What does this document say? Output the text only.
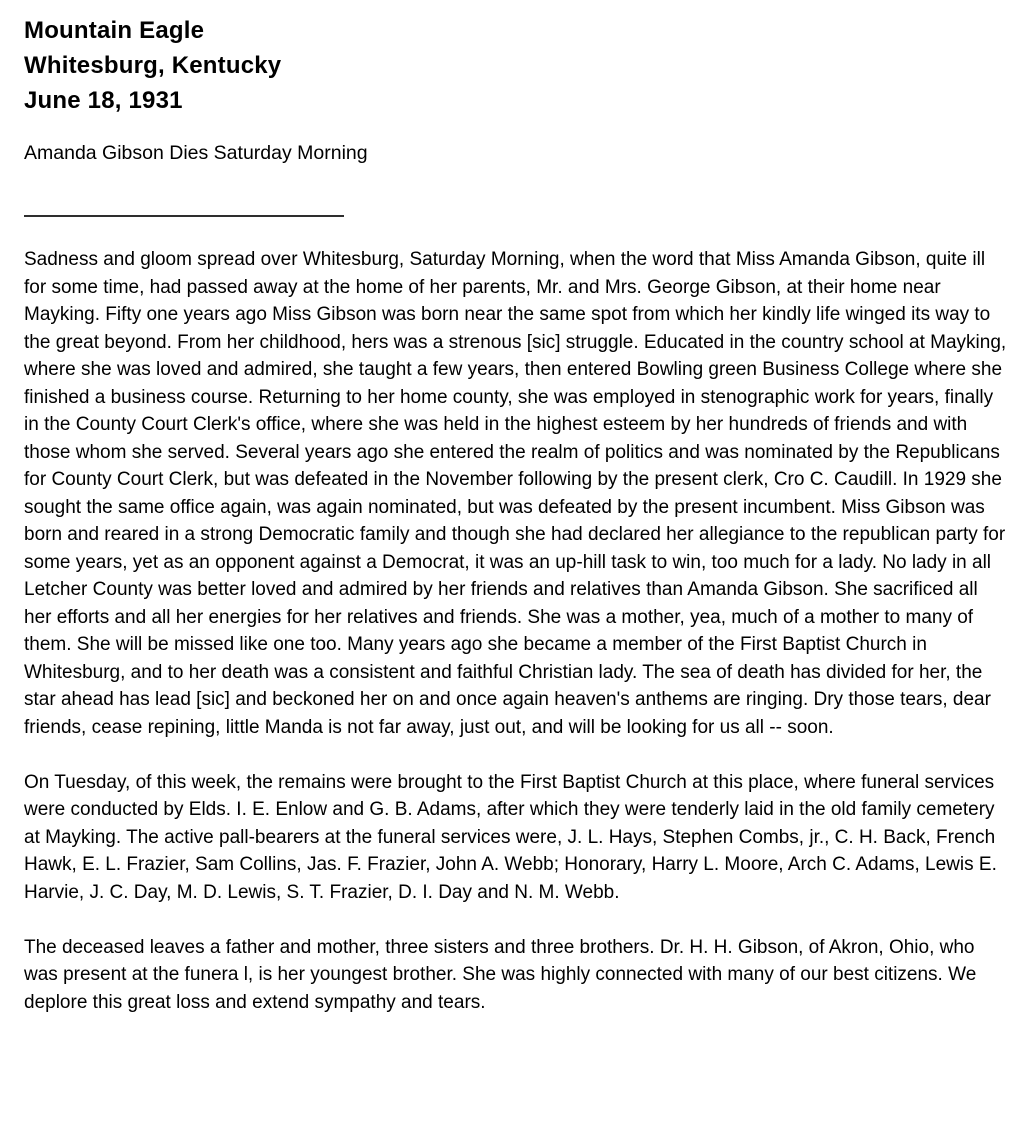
Mountain Eagle
Whitesburg, Kentucky
June 18, 1931
Amanda Gibson Dies Saturday Morning

Sadness and gloom spread over Whitesburg, Saturday Morning, when the word that Miss Amanda Gibson, quite ill for some time, had passed away at the home of her parents, Mr. and Mrs. George Gibson, at their home near Mayking. Fifty one years ago Miss Gibson was born near the same spot from which her kindly life winged its way to the great beyond. From her childhood, hers was a strenous [sic] struggle. Educated in the country school at Mayking, where she was loved and admired, she taught a few years, then entered Bowling green Business College where she finished a business course. Returning to her home county, she was employed in stenographic work for years, finally in the County Court Clerk's office, where she was held in the highest esteem by her hundreds of friends and with those whom she served. Several years ago she entered the realm of politics and was nominated by the Republicans for County Court Clerk, but was defeated in the November following by the present clerk, Cro C. Caudill. In 1929 she sought the same office again, was again nominated, but was defeated by the present incumbent. Miss Gibson was born and reared in a strong Democratic family and though she had declared her allegiance to the republican party for some years, yet as an opponent against a Democrat, it was an up-hill task to win, too much for a lady. No lady in all Letcher County was better loved and admired by her friends and relatives than Amanda Gibson. She sacrificed all her efforts and all her energies for her relatives and friends. She was a mother, yea, much of a mother to many of them. She will be missed like one too. Many years ago she became a member of the First Baptist Church in Whitesburg, and to her death was a consistent and faithful Christian lady. The sea of death has divided for her, the star ahead has lead [sic] and beckoned her on and once again heaven's anthems are ringing. Dry those tears, dear friends, cease repining, little Manda is not far away, just out, and will be looking for us all -- soon.

On Tuesday, of this week, the remains were brought to the First Baptist Church at this place, where funeral services were conducted by Elds. I. E. Enlow and G. B. Adams, after which they were tenderly laid in the old family cemetery at Mayking. The active pall-bearers at the funeral services were, J. L. Hays, Stephen Combs, jr., C. H. Back, French Hawk, E. L. Frazier, Sam Collins, Jas. F. Frazier, John A. Webb; Honorary, Harry L. Moore, Arch C. Adams, Lewis E. Harvie, J. C. Day, M. D. Lewis, S. T. Frazier, D. I. Day and N. M. Webb.

The deceased leaves a father and mother, three sisters and three brothers. Dr. H. H. Gibson, of Akron, Ohio, who was present at the funera l, is her youngest brother. She was highly connected with many of our best citizens. We deplore this great loss and extend sympathy and tears.
